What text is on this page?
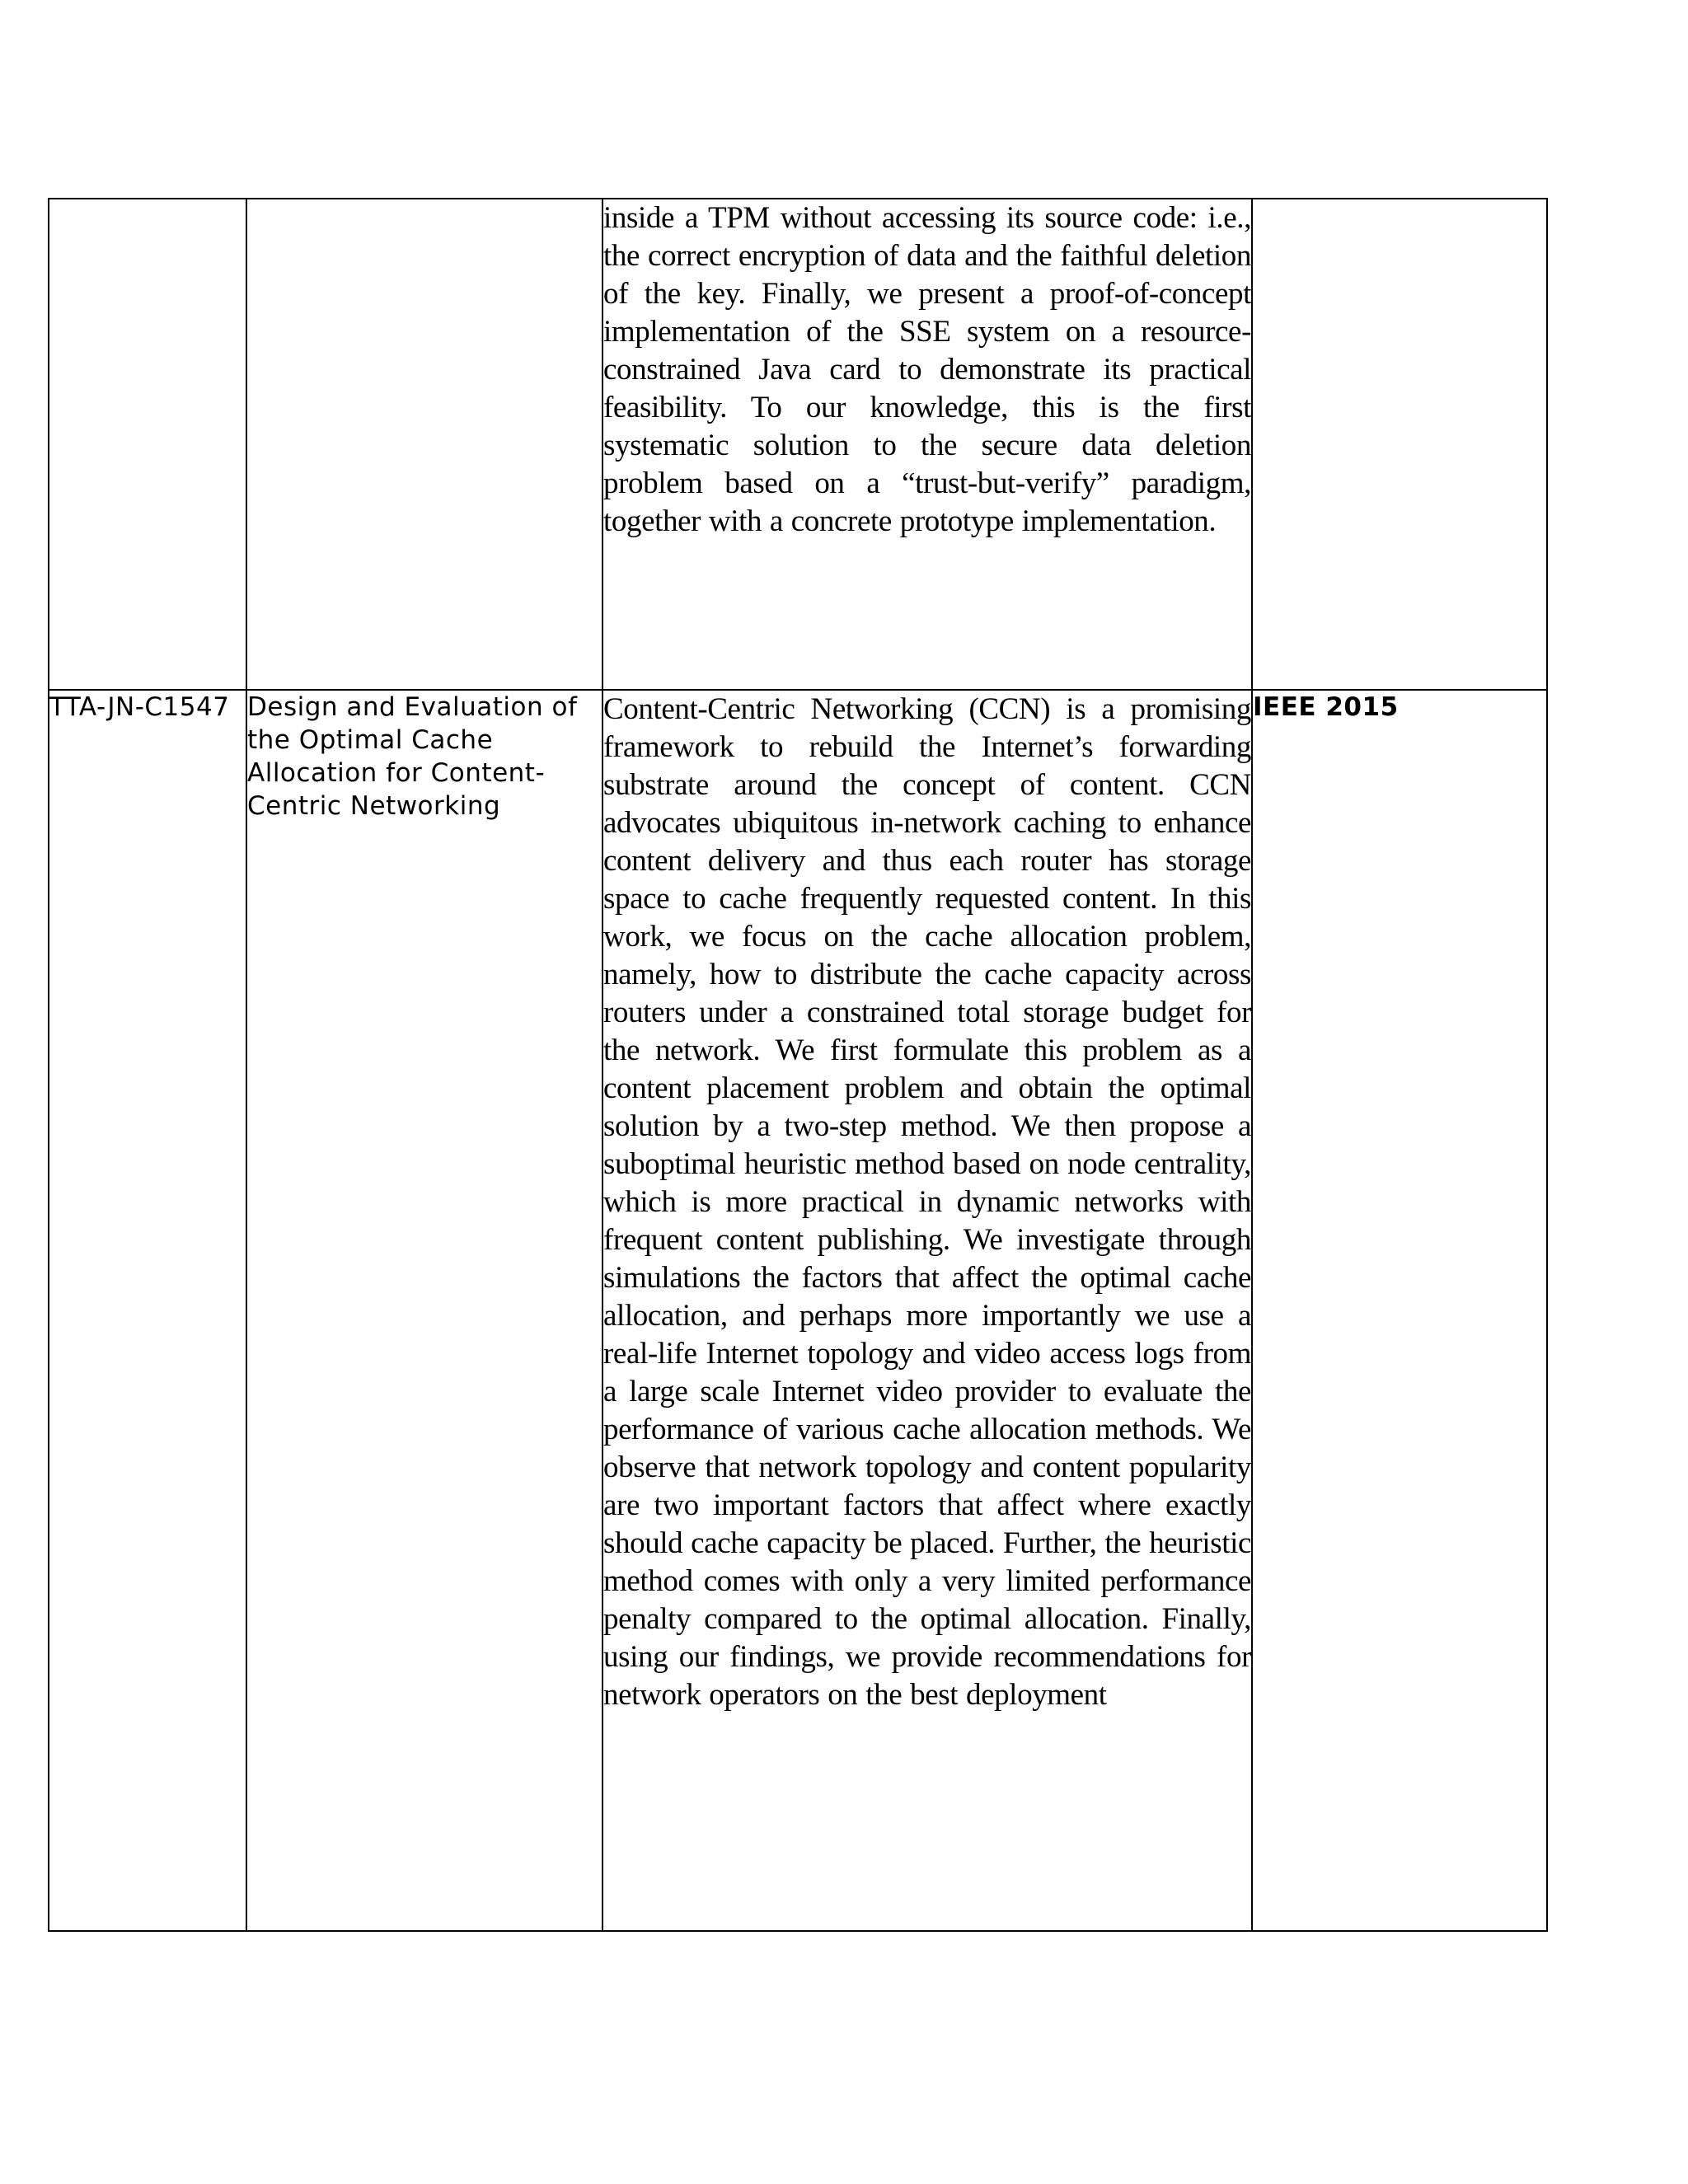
		inside a TPM without accessing its source code: i.e., the correct encryption of data and the faithful deletion of the key. Finally, we present a proof-of-concept implementation of the SSE system on a resource-constrained Java card to demonstrate its practical feasibility. To our knowledge, this is the first systematic solution to the secure data deletion problem based on a “trust-but-verify” paradigm, together with a concrete prototype implementation.	

TTA-JN-C1547	Design and Evaluation of the Optimal Cache Allocation for Content-Centric Networking	Content-Centric Networking (CCN) is a promising framework to rebuild the Internet’s forwarding substrate around the concept of content. CCN advocates ubiquitous in-network caching to enhance content delivery and thus each router has storage space to cache frequently requested content. In this work, we focus on the cache allocation problem, namely, how to distribute the cache capacity across routers under a constrained total storage budget for the network. We first formulate this problem as a content placement problem and obtain the optimal solution by a two-step method. We then propose a suboptimal heuristic method based on node centrality, which is more practical in dynamic networks with frequent content publishing. We investigate through simulations the factors that affect the optimal cache allocation, and perhaps more importantly we use a real-life Internet topology and video access logs from a large scale Internet video provider to evaluate the performance of various cache allocation methods. We observe that network topology and content popularity are two important factors that affect where exactly should cache capacity be placed. Further, the heuristic method comes with only a very limited performance penalty compared to the optimal allocation. Finally, using our findings, we provide recommendations for network operators on the best deployment	IEEE 2015
